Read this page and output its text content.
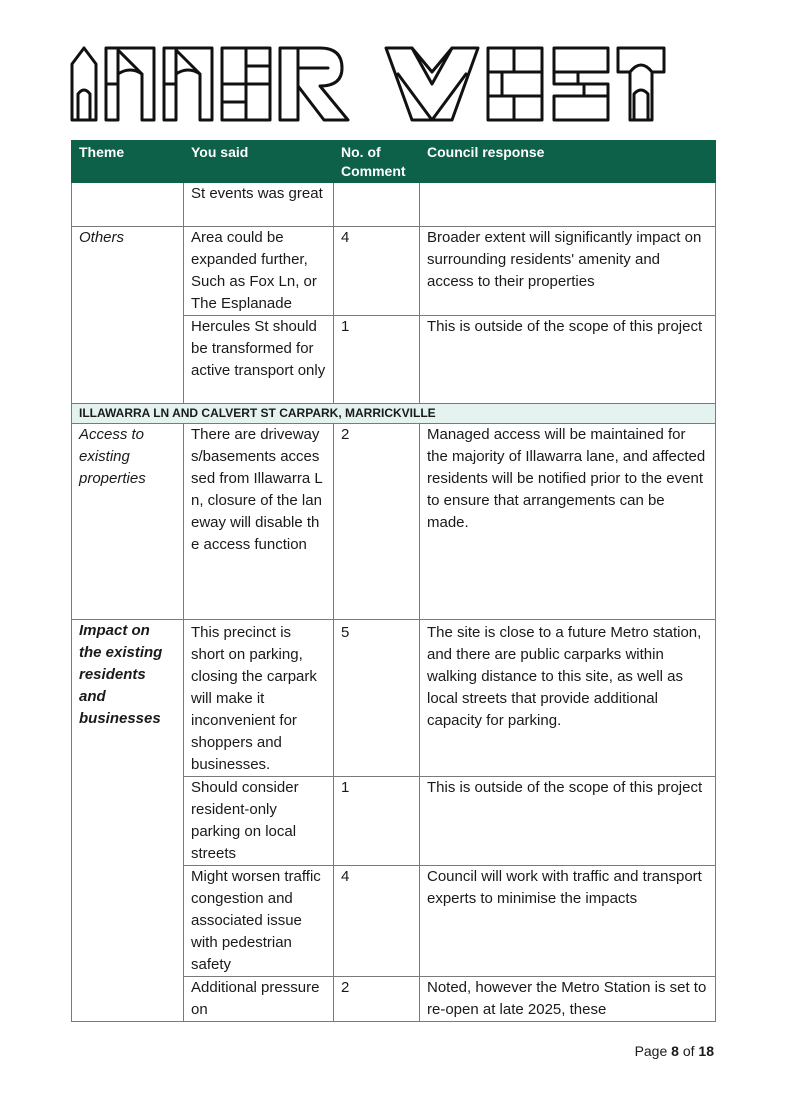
Theme	You said	No. of Comment	Council response
	St events was great		
Others	Area could be expanded further, Such as Fox Ln, or The Esplanade	4	Broader extent will significantly impact on surrounding residents' amenity and access to their properties
	Hercules St should be transformed for active transport only	1	This is outside of the scope of this project
ILLAWARRA LN AND CALVERT ST CARPARK, MARRICKVILLE			
Access to existing properties	There are driveways/basements accessed from Illawarra Ln, closure of the laneway will disable the access function	2	Managed access will be maintained for the majority of Illawarra lane, and affected residents will be notified prior to the event to ensure that arrangements can be made.
Impact on the existing residents and businesses	This precinct is short on parking, closing the carpark will make it inconvenient for shoppers and businesses.	5	The site is close to a future Metro station, and there are public carparks within walking distance to this site, as well as local streets that provide additional capacity for parking.
	Should consider resident-only parking on local streets	1	This is outside of the scope of this project
	Might worsen traffic congestion and associated issue with pedestrian safety	4	Council will work with traffic and transport experts to minimise the impacts
	Additional pressure on	2	Noted, however the Metro Station is set to re-open at late 2025, these
Page 8 of 18
